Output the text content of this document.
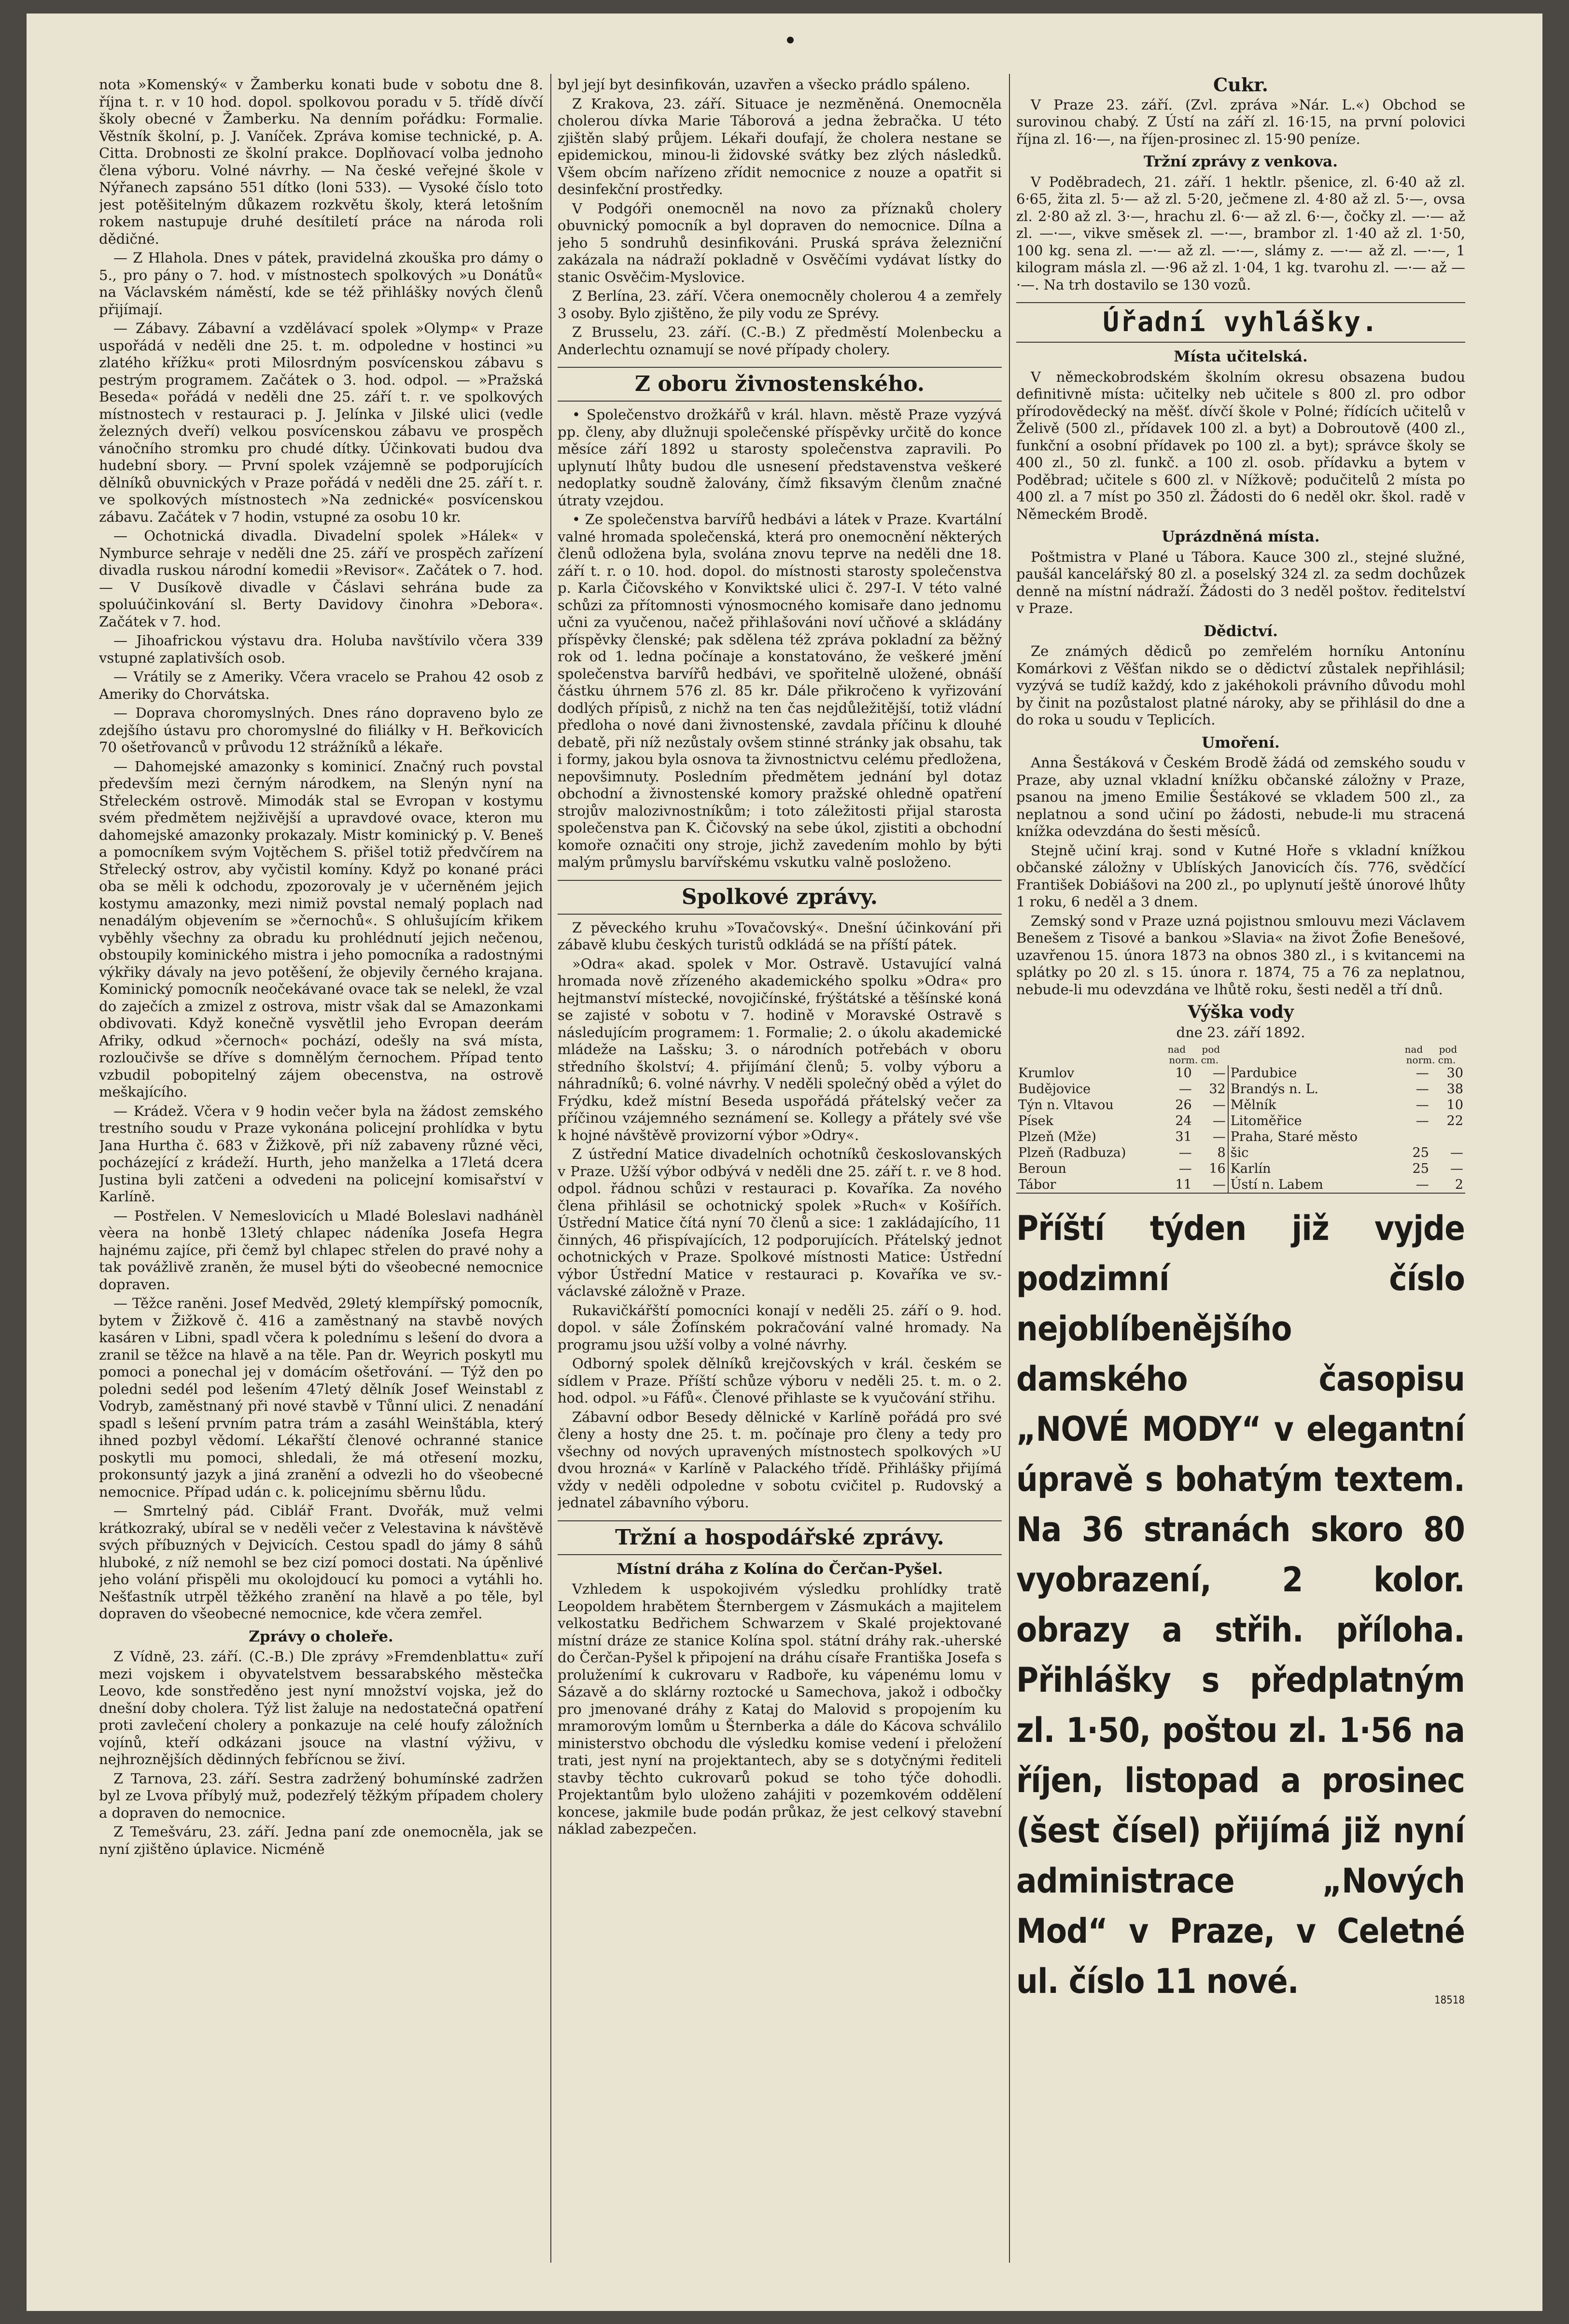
nota »Komenský« v Žamberku konati bude v sobotu dne 8. října t. r. v 10 hod. dopol. spolkovou poradu v 5. třídě dívčí školy obecné v Žamberku. Na denním pořádku: Formalie. Věstník školní, p. J. Vaníček. Zpráva komise technické, p. A. Citta. Drobnosti ze školní prakce. Doplňovací volba jednoho člena výboru. Volné návrhy. — Na české veřejné škole v Nýřanech zapsáno 551 dítko (loni 533). — Vysoké číslo toto jest potěšitelným důkazem rozkvětu školy, která letošním rokem nastupuje druhé desítiletí práce na národa roli dědičné.

— Z Hlahola. Dnes v pátek, pravidelná zkouška pro dámy o 5., pro pány o 7. hod. v místnostech spolkových »u Donátů« na Václavském náměstí, kde se též přihlášky nových členů přijímají.

— Zábavy. Zábavní a vzdělávací spolek »Olymp« v Praze uspořádá v neděli dne 25. t. m. odpoledne v hostinci »u zlatého křížku« proti Milosrdným posvícenskou zábavu s pestrým programem. Začátek o 3. hod. odpol. — »Pražská Beseda« pořádá v neděli dne 25. září t. r. ve spolkových místnostech v restauraci p. J. Jelínka v Jilské ulici (vedle železných dveří) velkou posvícenskou zábavu ve prospěch vánočního stromku pro chudé dítky. Účinkovati budou dva hudební sbory. — První spolek vzájemně se podporujících dělníků obuvnických v Praze pořádá v neděli dne 25. září t. r. ve spolkových místnostech »Na zednické« posvícenskou zábavu. Začátek v 7 hodin, vstupné za osobu 10 kr.

— Ochotnická divadla. Divadelní spolek »Hálek« v Nymburce sehraje v neděli dne 25. září ve prospěch zařízení divadla ruskou národní komedii »Revisor«. Začátek o 7. hod. — V Dusíkově divadle v Čáslavi sehrána bude za spoluúčinkování sl. Berty Davidovy činohra »Debora«. Začátek v 7. hod.

— Jihoafrickou výstavu dra. Holuba navštívilo včera 339 vstupné zaplativších osob.

— Vrátily se z Ameriky. Včera vracelo se Prahou 42 osob z Ameriky do Chorvátska.

— Doprava choromyslných. Dnes ráno dopraveno bylo ze zdejšího ústavu pro choromyslné do filiálky v H. Beřkovicích 70 ošetřovanců v průvodu 12 strážníků a lékaře.

— Dahomejské amazonky s kominicí. Značný ruch povstal především mezi černým národkem, na Slenýn nyní na Střeleckém ostrově. Mimodák stal se Evropan v kostymu svém předmětem nejživější a upravdové ovace, kteron mu dahomejské amazonky prokazaly. Mistr kominický p. V. Beneš a pomocníkem svým Vojtěchem S. přišel totiž předvčírem na Střelecký ostrov, aby vyčistil komíny. Když po konané práci oba se měli k odchodu, zpozorovaly je v učerněném jejich kostymu amazonky, mezi nimiž povstal nemalý poplach nad nenadálým objevením se »černochů«. S ohlušujícím křikem vyběhly všechny za obradu ku prohlédnutí jejich nečenou, obstoupily kominického mistra i jeho pomocníka a radostnými výkřiky dávaly na jevo potěšení, že objevily černého krajana. Kominický pomocník neočekávané ovace tak se nelekl, že vzal do zaječích a zmizel z ostrova, mistr však dal se Amazonkami obdivovati. Když konečně vysvětlil jeho Evropan deerám Afriky, odkud »černoch« pochází, odešly na svá místa, rozloučivše se dříve s domnělým černochem. Případ tento vzbudil pobopitelný zájem obecenstva, na ostrově meškajícího.

— Krádež. Včera v 9 hodin večer byla na žádost zemského trestního soudu v Praze vykonána policejní prohlídka v bytu Jana Hurtha č. 683 v Žižkově, při níž zabaveny různé věci, pocházející z krádeží. Hurth, jeho manželka a 17letá dcera Justina byli zatčeni a odvedeni na policejní komisařství v Karlíně.

— Postřelen. V Nemeslovicích u Mladé Boleslavi nadhánèl vèera na honbě 13letý chlapec nádeníka Josefa Hegra hajnému zajíce, při čemž byl chlapec střelen do pravé nohy a tak povážlivě zraněn, že musel býti do všeobecné nemocnice dopraven.

— Těžce raněni. Josef Medvěd, 29letý klempířský pomocník, bytem v Žižkově č. 416 a zaměstnaný na stavbě nových kasáren v Libni, spadl včera k polednímu s lešení do dvora a zranil se těžce na hlavě a na těle. Pan dr. Weyrich poskytl mu pomoci a ponechal jej v domácím ošetřování. — Týž den po poledni sedél pod lešením 47letý dělník Josef Weinstabl z Vodryb, zaměstnaný při nové stavbě v Tůnní ulici. Z nenadání spadl s lešení prvním patra trám a zasáhl Weinštábla, který ihned pozbyl vědomí. Lékařští členové ochranné stanice poskytli mu pomoci, shledali, že má otřesení mozku, prokonsuntý jazyk a jiná zranění a odvezli ho do všeobecné nemocnice. Případ udán c. k. policejnímu sběrnu lůdu.

— Smrtelný pád. Ciblář Frant. Dvořák, muž velmi krátkozraký, ubíral se v neděli večer z Velestavina k návštěvě svých příbuzných v Dejvicích. Cestou spadl do jámy 8 sáhů hluboké, z níž nemohl se bez cizí pomoci dostati. Na úpěnlivé jeho volání přispěli mu okolojdoucí ku pomoci a vytáhli ho. Nešťastník utrpěl těžkého zranění na hlavě a po těle, byl dopraven do všeobecné nemocnice, kde včera zemřel.

Zprávy o choleře.

Z Vídně, 23. září. (C.-B.) Dle zprávy »Fremdenblattu« zuří mezi vojskem i obyvatelstvem bessarabského městečka Leovo, kde sonstředěno jest nyní množství vojska, jež do dnešní doby cholera. Týž list žaluje na nedostatečná opatření proti zavlečení cholery a ponkazuje na celé houfy záložních vojínů, kteří odkázani jsouce na vlastní výživu, v nejhroznějších dědinných febřícnou se živí.

Z Tarnova, 23. září. Sestra zadržený bohumínské zadržen byl ze Lvova příbylý muž, podezřelý těžkým případem cholery a dopraven do nemocnice.

Z Temešváru, 23. září. Jedna paní zde onemocněla, jak se nyní zjištěno úplavice. Nicméně

byl její byt desinfikován, uzavřen a všecko prádlo spáleno.

Z Krakova, 23. září. Situace je nezměněná. Onemocněla cholerou dívka Marie Táborová a jedna žebračka. U této zjištěn slabý průjem. Lékaři doufají, že cholera nestane se epidemickou, minou-li židovské svátky bez zlých následků. Všem obcím nařízeno zřídit nemocnice z nouze a opatřit si desinfekční prostředky.

V Podgóři onemocněl na novo za příznaků cholery obuvnický pomocník a byl dopraven do nemocnice. Dílna a jeho 5 sondruhů desinfikováni. Pruská správa železniční zakázala na nádraží pokladně v Osvěčími vydávat lístky do stanic Osvěčim-Myslovice.

Z Berlína, 23. září. Včera onemocněly cholerou 4 a zemřely 3 osoby. Bylo zjištěno, že pily vodu ze Sprévy.

Z Brusselu, 23. září. (C.-B.) Z předměstí Molenbecku a Anderlechtu oznamují se nové případy cholery.

Z oboru živnostenského.

• Společenstvo drožkářů v král. hlavn. městě Praze vyzývá pp. členy, aby dlužnuji společenské příspěvky určitě do konce měsíce září 1892 u starosty společenstva zapravili. Po uplynutí lhůty budou dle usnesení představenstva veškeré nedoplatky soudně žalovány, čímž fiksavým členům značné útraty vzejdou.

• Ze společenstva barvířů hedbávi a látek v Praze. Kvartální valné hromada společenská, která pro onemocnění některých členů odložena byla, svolána znovu teprve na neděli dne 18. září t. r. o 10. hod. dopol. do místnosti starosty společenstva p. Karla Čičovského v Konviktské ulici č. 297-I. V této valné schůzi za přítomnosti výnosmocného komisaře dano jednomu učni za vyučenou, načež přihlašováni noví učňové a skládány příspěvky členské; pak sdělena též zpráva pokladní za běžný rok od 1. ledna počínaje a konstatováno, že veškeré jmění společenstva barvířů hedbávi, ve spořitelně uložené, obnáší částku úhrnem 576 zl. 85 kr. Dále přikročeno k vyřizování dodlých přípisů, z nichž na ten čas nejdůležitější, totiž vládní předloha o nové dani živnostenské, zavdala příčinu k dlouhé debatě, při níž nezůstaly ovšem stinné stránky jak obsahu, tak i formy, jakou byla osnova ta živnostnictvu celému předložena, nepovšimnuty. Posledním předmětem jednání byl dotaz obchodní a živnostenské komory pražské ohledně opatření strojův malozivnostníkům; i toto záležitosti přijal starosta společenstva pan K. Čičovský na sebe úkol, zjistiti a obchodní komoře označiti ony stroje, jichž zavedením mohlo by býti malým průmyslu barvířskému vskutku valně posloženo.

Spolkové zprávy.

Z pěveckého kruhu »Tovačovský«. Dnešní účinkování při zábavě klubu českých turistů odkládá se na příští pátek.

»Odra« akad. spolek v Mor. Ostravě. Ustavující valná hromada nově zřízeného akademického spolku »Odra« pro hejtmanství místecké, novojičínské, frýštátské a těšínské koná se zajisté v sobotu v 7. hodině v Moravské Ostravě s následujícím programem: 1. Formalie; 2. o úkolu akademické mládeže na Lašsku; 3. o národních potřebách v oboru středního školství; 4. přijímání členů; 5. volby výboru a náhradníků; 6. volné návrhy. V neděli společný oběd a výlet do Frýdku, kdež místní Beseda uspořádá přátelský večer za příčinou vzájemného seznámení se. Kollegy a přátely své vše k hojné návštěvě provizorní výbor »Odry«.

Z ústřední Matice divadelních ochotníků českoslovanských v Praze. Užší výbor odbývá v neděli dne 25. září t. r. ve 8 hod. odpol. řádnou schůzi v restauraci p. Kovaříka. Za nového člena přihlásil se ochotnický spolek »Ruch« v Košířích. Ústřední Matice čítá nyní 70 členů a sice: 1 zakládajícího, 11 činných, 46 přispívajících, 12 podporujících. Přátelský jednot ochotnických v Praze. Spolkové místnosti Matice: Ústřední výbor Ústřední Matice v restauraci p. Kovaříka ve sv.-václavské záložně v Praze.

Rukavičkářští pomocníci konají v neděli 25. září o 9. hod. dopol. v sále Žofínském pokračování valné hromady. Na programu jsou užší volby a volné návrhy.

Odborný spolek dělníků krejčovských v král. českém se sídlem v Praze. Příští schůze výboru v neděli 25. t. m. o 2. hod. odpol. »u Fáfů«. Členové přihlaste se k vyučování střihu.

Zábavní odbor Besedy dělnické v Karlíně pořádá pro své členy a hosty dne 25. t. m. počínaje pro členy a tedy pro všechny od nových upravených místnostech spolkových »U dvou hrozná« v Karlíně v Palackého třídě. Přihlášky přijímá vždy v neděli odpoledne v sobotu cvičitel p. Rudovský a jednatel zábavního výboru.

Tržní a hospodářské zprávy.
Místní dráha z Kolína do Čerčan-Pyšel.

Vzhledem k uspokojivém výsledku prohlídky tratě Leopoldem hrabětem Šternbergem v Zásmukách a majitelem velkostatku Bedřichem Schwarzem v Skalé projektované místní dráze ze stanice Kolína spol. státní dráhy rak.-uherské do Čerčan-Pyšel k připojení na dráhu císaře Františka Josefa s proluženímí k cukrovaru v Radboře, ku vápenému lomu v Sázavě a do sklárny roztocké u Samechova, jakož i odbočky pro jmenované dráhy z Kataj do Malovid s propojením ku mramorovým lomům u Šternberka a dále do Kácova schválilo ministerstvo obchodu dle výsledku komise vedení i přeložení trati, jest nyní na projektantech, aby se s dotyčnými řediteli stavby těchto cukrovarů pokud se toho týče dohodli. Projektantům bylo uloženo zahájiti v pozemkovém oddělení koncese, jakmile bude podán průkaz, že jest celkový stavební náklad zabezpečen.

Cukr.

V Praze 23. září. (Zvl. zpráva »Nár. L.«) Obchod se surovinou chabý. Z Ústí na září zl. 16·15, na první polovici října zl. 16·—, na říjen-prosinec zl. 15·90 peníze.

Tržní zprávy z venkova.

V Poděbradech, 21. září. 1 hektlr. pšenice, zl. 6·40 až zl. 6·65, žita zl. 5·— až zl. 5·20, ječmene zl. 4·80 až zl. 5·—, ovsa zl. 2·80 až zl. 3·—, hrachu zl. 6·— až zl. 6·—, čočky zl. —·— až zl. —·—, vikve směsek zl. —·—, brambor zl. 1·40 až zl. 1·50, 100 kg. sena zl. —·— až zl. —·—, slámy z. —·— až zl. —·—, 1 kilogram másla zl. —·96 až zl. 1·04, 1 kg. tvarohu zl. —·— až —·—. Na trh dostavilo se 130 vozů.

Úřadní vyhlášky.
Místa učitelská.

V německobrodském školním okresu obsazena budou definitivně místa: učitelky neb učitele s 800 zl. pro odbor přírodovědecký na měšť. dívčí škole v Polné; řídících učitelů v Želivě (500 zl., přídavek 100 zl. a byt) a Dobroutově (400 zl., funkční a osobní přídavek po 100 zl. a byt); správce školy se 400 zl., 50 zl. funkč. a 100 zl. osob. přídavku a bytem v Poděbrad; učitele s 600 zl. v Nížkově; podučitelů 2 místa po 400 zl. a 7 míst po 350 zl. Žádosti do 6 neděl okr. škol. radě v Německém Brodě.

Uprázdněná místa.

Poštmistra v Plané u Tábora. Kauce 300 zl., stejné služné, paušál kancelářský 80 zl. a poselský 324 zl. za sedm dochůzek denně na místní nádraží. Žádosti do 3 neděl poštov. ředitelství v Praze.

Dědictví.

Ze známých dědiců po zemřelém horníku Antonínu Komárkovi z Věšťan nikdo se o dědictví zůstalek nepřihlásil; vyzývá se tudíž každý, kdo z jakéhokoli právního důvodu mohl by činit na pozůstalost platné nároky, aby se přihlásil do dne a do roka u soudu v Teplicích.

Umoření.

Anna Šestáková v Českém Brodě žádá od zemského soudu v Praze, aby uznal vkladní knížku občanské záložny v Praze, psanou na jmeno Emilie Šestákové se vkladem 500 zl., za neplatnou a sond učiní po žádosti, nebude-li mu stracená knížka odevzdána do šesti měsíců.

Stejně učiní kraj. sond v Kutné Hoře s vkladní knížkou občanské záložny v Ublíských Janovicích čís. 776, svědčící František Dobiášovi na 200 zl., po uplynutí ještě únorové lhůty 1 roku, 6 neděl a 3 dnem.

Zemský sond v Praze uzná pojistnou smlouvu mezi Václavem Benešem z Tisové a bankou »Slavia« na život Žofie Benešové, uzavřenou 15. února 1873 na obnos 380 zl., i s kvitancemi na splátky po 20 zl. s 15. února r. 1874, 75 a 76 za neplatnou, nebude-li mu odevzdána ve lhůtě roku, šesti neděl a tří dnů.

Výška vody
dne 23. září 1892.
	nad	pod		nad	pod
	norm. cm.			norm. cm.	
Krumlov	10	—	Pardubice	—	30
Budějovice	—	32	Brandýs n. L.	—	38
Týn n. Vltavou	26	—	Mělník	—	10
Písek	24	—	Litoměřice	—	22
Plzeň (Mže)	31	—	Praha, Staré město		
Plzeň (Radbuza)	—	8	šic	25	—
Beroun	—	16	Karlín	25	—
Tábor	11	—	Ústí n. Labem	—	2
Příští týden již vyjde podzimní číslo nejoblíbenějšího damského časopisu „NOVÉ MODY“ v elegantní úpravě s bohatým textem. Na 36 stranách skoro 80 vyobrazení, 2 kolor. obrazy a střih. příloha. Přihlášky s předplatným zl. 1·50, poštou zl. 1·56 na říjen, listopad a prosinec (šest čísel) přijímá již nyní administrace „Nových Mod“ v Praze, v Celetné ul. číslo 11 nové.	18518
